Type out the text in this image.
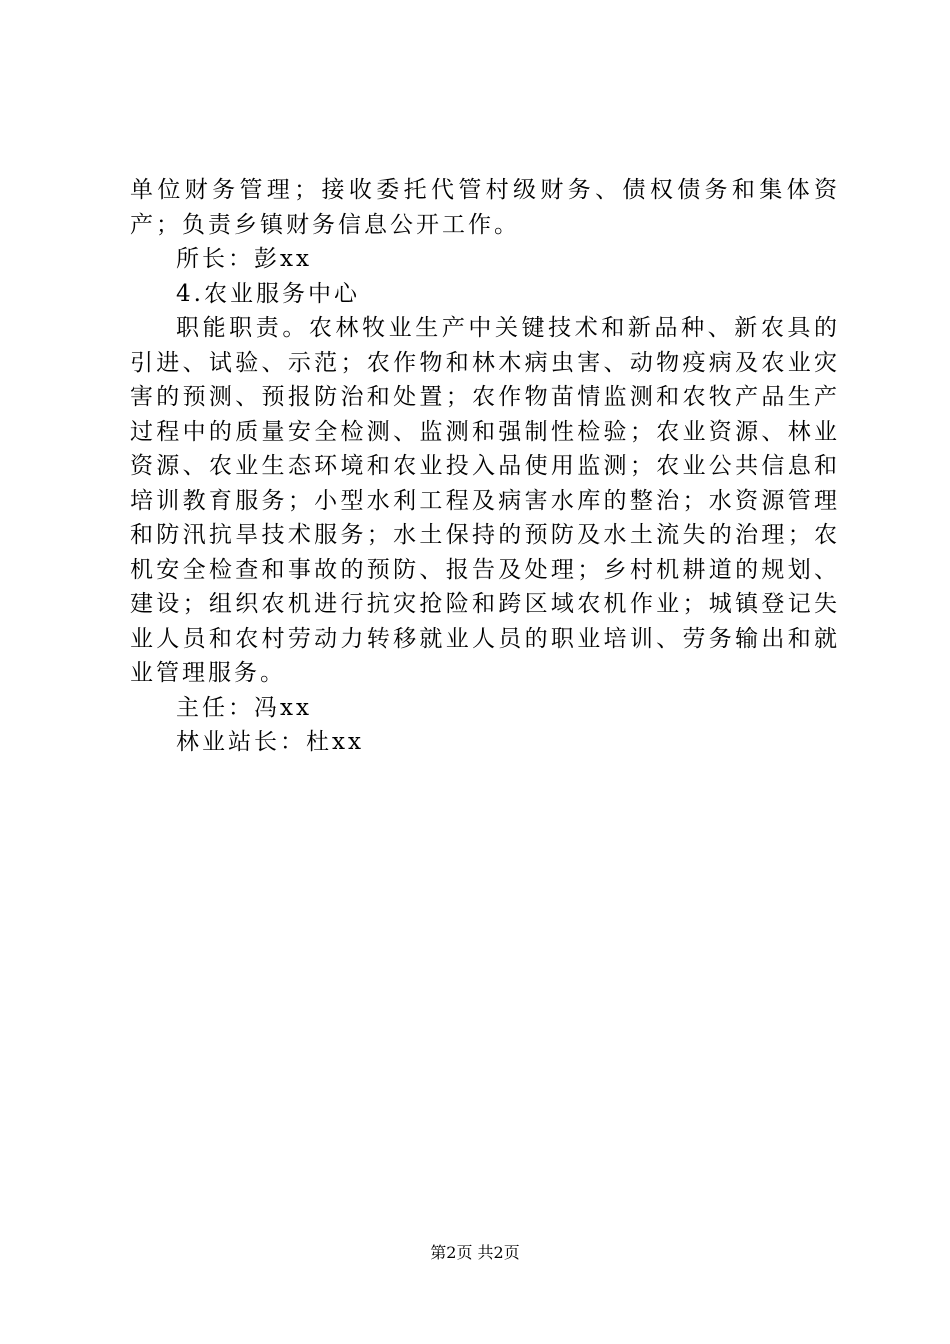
单位财务管理；接收委托代管村级财务、债权债务和集体资产；负责乡镇财务信息公开工作。

所长：彭xx

4.农业服务中心

职能职责。农林牧业生产中关键技术和新品种、新农具的引进、试验、示范；农作物和林木病虫害、动物疫病及农业灾害的预测、预报防治和处置；农作物苗情监测和农牧产品生产过程中的质量安全检测、监测和强制性检验；农业资源、林业资源、农业生态环境和农业投入品使用监测；农业公共信息和培训教育服务；小型水利工程及病害水库的整治；水资源管理和防汛抗旱技术服务；水土保持的预防及水土流失的治理；农机安全检查和事故的预防、报告及处理；乡村机耕道的规划、建设；组织农机进行抗灾抢险和跨区域农机作业；城镇登记失业人员和农村劳动力转移就业人员的职业培训、劳务输出和就业管理服务。

主任：冯xx

林业站长：杜xx

第2页 共2页
